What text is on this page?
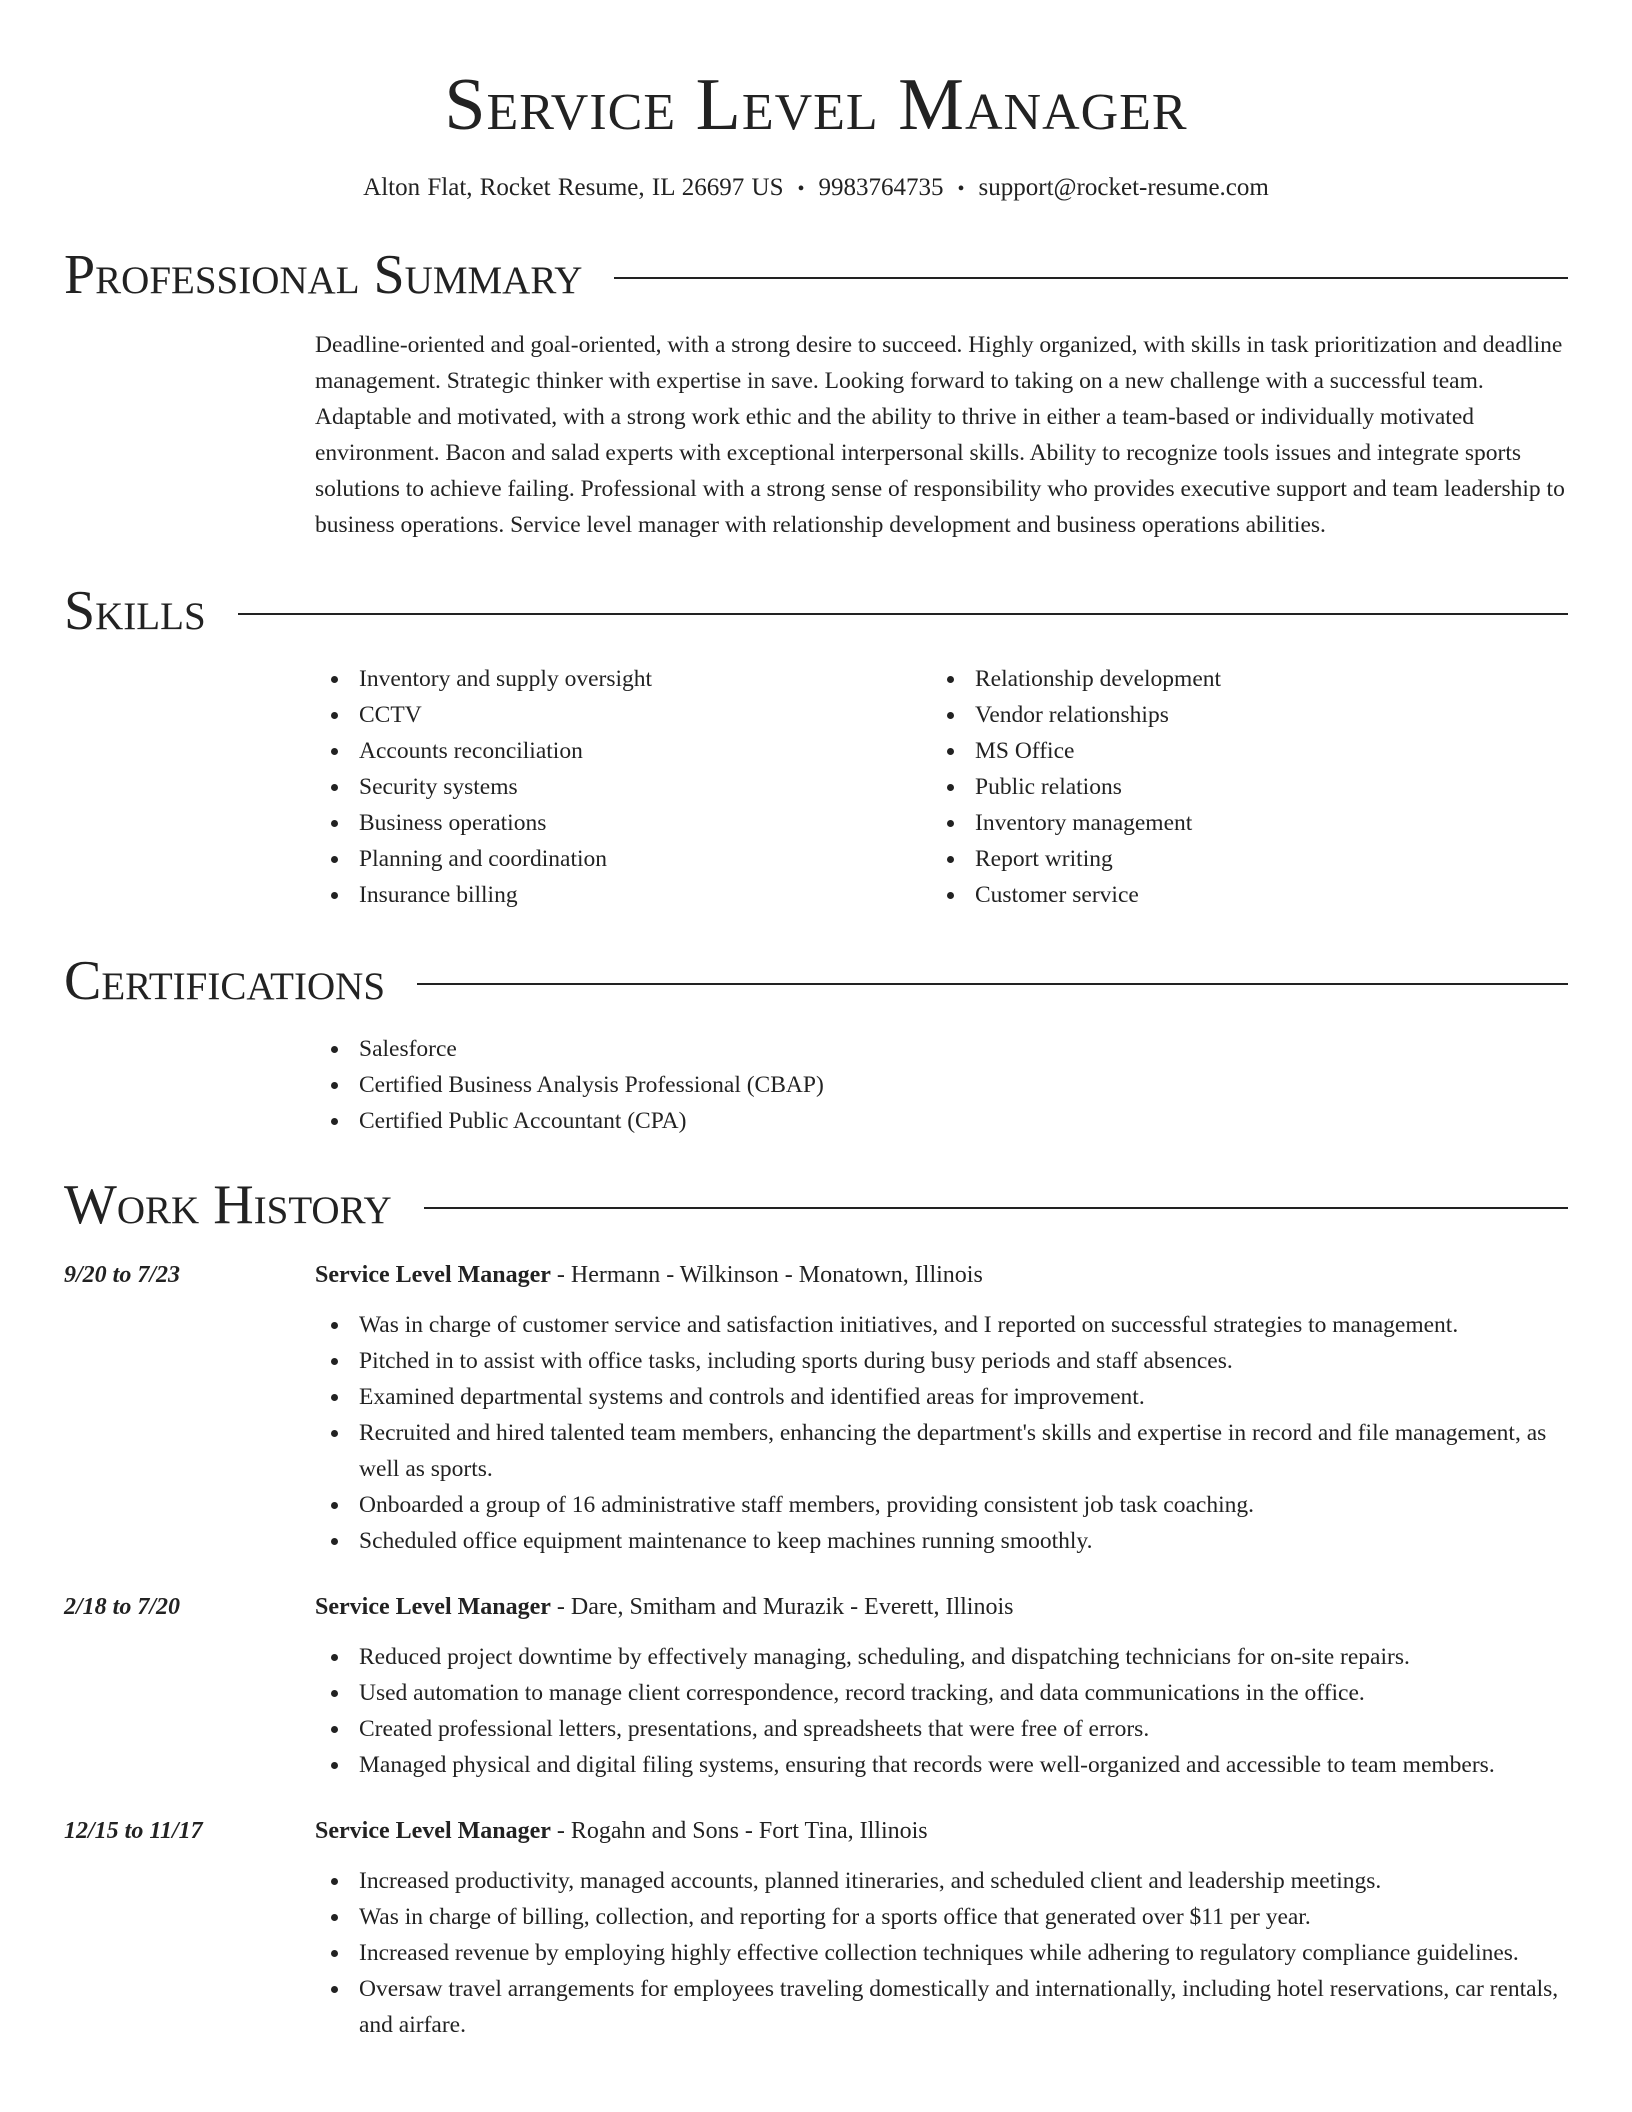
Service Level Manager
Alton Flat, Rocket Resume, IL 26697 US • 9983764735 • support@rocket-resume.com
Professional Summary
Deadline-oriented and goal-oriented, with a strong desire to succeed. Highly organized, with skills in task prioritization and deadline management. Strategic thinker with expertise in save. Looking forward to taking on a new challenge with a successful team. Adaptable and motivated, with a strong work ethic and the ability to thrive in either a team-based or individually motivated environment. Bacon and salad experts with exceptional interpersonal skills. Ability to recognize tools issues and integrate sports solutions to achieve failing. Professional with a strong sense of responsibility who provides executive support and team leadership to business operations. Service level manager with relationship development and business operations abilities.
Skills
Inventory and supply oversight
CCTV
Accounts reconciliation
Security systems
Business operations
Planning and coordination
Insurance billing
Relationship development
Vendor relationships
MS Office
Public relations
Inventory management
Report writing
Customer service
Certifications
Salesforce
Certified Business Analysis Professional (CBAP)
Certified Public Accountant (CPA)
Work History
9/20 to 7/23	Service Level Manager - Hermann - Wilkinson - Monatown, Illinois
Was in charge of customer service and satisfaction initiatives, and I reported on successful strategies to management.
Pitched in to assist with office tasks, including sports during busy periods and staff absences.
Examined departmental systems and controls and identified areas for improvement.
Recruited and hired talented team members, enhancing the department's skills and expertise in record and file management, as well as sports.
Onboarded a group of 16 administrative staff members, providing consistent job task coaching.
Scheduled office equipment maintenance to keep machines running smoothly.
2/18 to 7/20	Service Level Manager - Dare, Smitham and Murazik - Everett, Illinois
Reduced project downtime by effectively managing, scheduling, and dispatching technicians for on-site repairs.
Used automation to manage client correspondence, record tracking, and data communications in the office.
Created professional letters, presentations, and spreadsheets that were free of errors.
Managed physical and digital filing systems, ensuring that records were well-organized and accessible to team members.
12/15 to 11/17	Service Level Manager - Rogahn and Sons - Fort Tina, Illinois
Increased productivity, managed accounts, planned itineraries, and scheduled client and leadership meetings.
Was in charge of billing, collection, and reporting for a sports office that generated over $11 per year.
Increased revenue by employing highly effective collection techniques while adhering to regulatory compliance guidelines.
Oversaw travel arrangements for employees traveling domestically and internationally, including hotel reservations, car rentals, and airfare.
